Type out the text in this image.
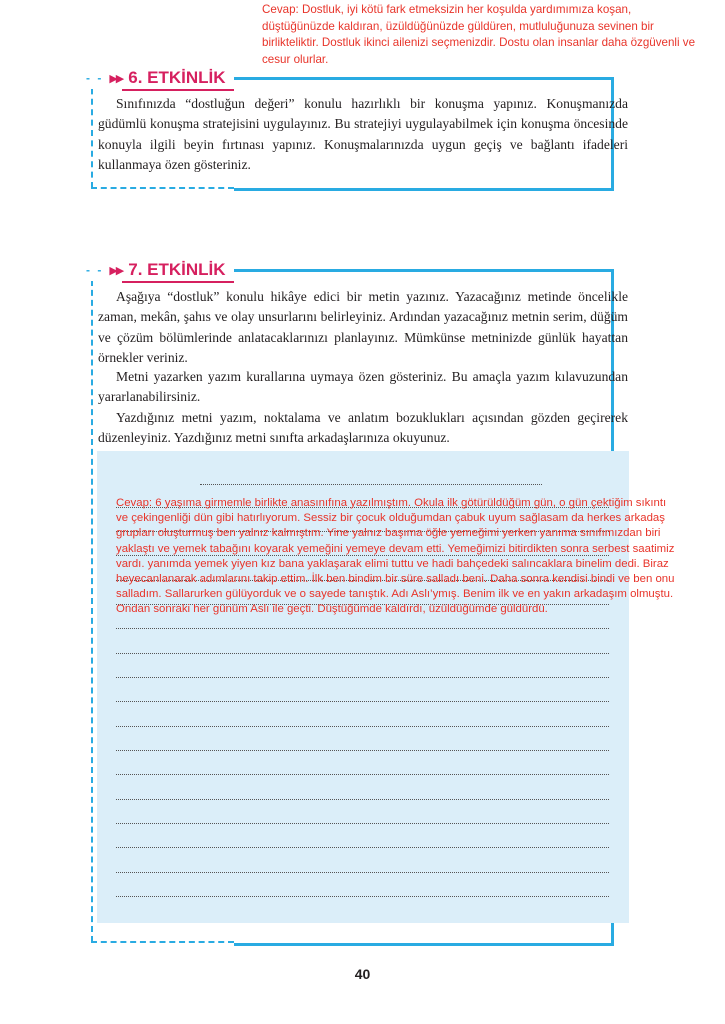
Cevap: Dostluk, iyi kötü fark etmeksizin her koşulda yardımımıza koşan, düştüğünüzde kaldıran, üzüldüğünüzde güldüren, mutluluğunuza sevinen bir birlikteliktir. Dostluk ikinci ailenizi seçmenizdir. Dostu olan insanlar daha özgüvenli ve cesur olurlar.
- - ▶▶ 6. ETKİNLİK

Sınıfınızda “dostluğun değeri” konulu hazırlıklı bir konuşma yapınız. Konuşmanızda güdümlü konuşma stratejisini uygulayınız. Bu stratejiyi uygulayabilmek için konuşma öncesinde konuyla ilgili beyin fırtınası yapınız. Konuşmalarınızda uygun geçiş ve bağlantı ifadeleri kullanmaya özen gösteriniz.

- - ▶▶ 7. ETKİNLİK

Aşağıya “dostluk” konulu hikâye edici bir metin yazınız. Yazacağınız metinde öncelikle zaman, mekân, şahıs ve olay unsurlarını belirleyiniz. Ardından yazacağınız metnin serim, düğüm ve çözüm bölümlerinde anlatacaklarınızı planlayınız. Mümkünse metninizde günlük hayattan örnekler veriniz.

Metni yazarken yazım kurallarına uymaya özen gösteriniz. Bu amaçla yazım kılavuzundan yararlanabilirsiniz.

Yazdığınız metni yazım, noktalama ve anlatım bozuklukları açısından gözden geçirerek düzenleyiniz. Yazdığınız metni sınıfta arkadaşlarınıza okuyunuz.

Cevap: 6 yaşıma girmemle birlikte anasınıfına yazılmıştım. Okula ilk götürüldüğüm gün, o gün çektiğim sıkıntı ve çekingenliği dün gibi hatırlıyorum. Sessiz bir çocuk olduğumdan çabuk uyum sağlasam da herkes arkadaş grupları oluşturmuş ben yalnız kalmıştım. Yine yalnız başıma öğle yemeğimi yerken yanıma sınıfımızdan biri yaklaştı ve yemek tabağını koyarak yemeğini yemeye devam etti. Yemeğimizi bitirdikten sonra serbest saatimiz vardı. yanımda yemek yiyen kız bana yaklaşarak elimi tuttu ve hadi bahçedeki salıncaklara binelim dedi. Biraz heyecanlanarak adımlarını takip ettim. İlk ben bindim bir süre salladı beni. Daha sonra kendisi bindi ve ben onu salladım. Sallarurken gülüyorduk ve o sayede tanıştık. Adı Aslı’ymış. Benim ilk ve en yakın arkadaşım olmuştu. Ondan sonraki her günüm Aslı ile geçti. Düştüğümde kaldırdı, üzüldüğümde güldürdü.
40
